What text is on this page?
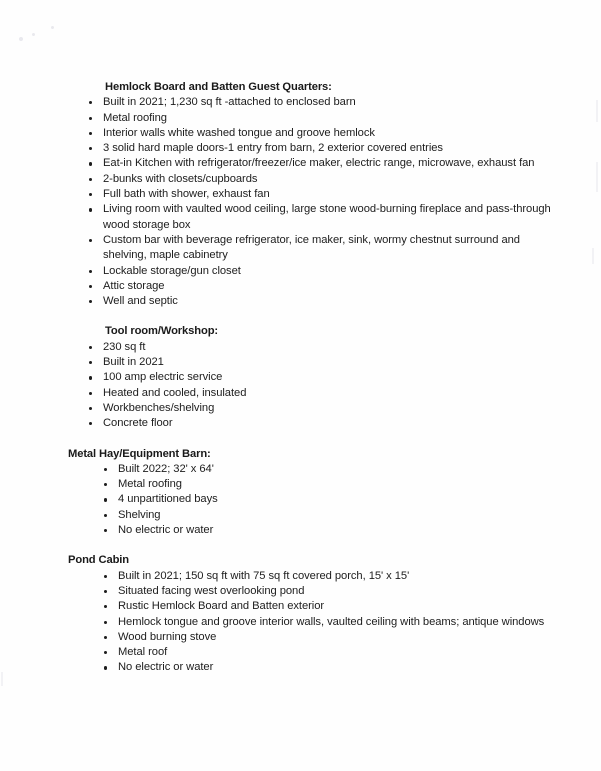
Hemlock Board and Batten Guest Quarters:
Built in 2021; 1,230 sq ft -attached to enclosed barn
Metal roofing
Interior walls white washed tongue and groove hemlock
3 solid hard maple doors-1 entry from barn, 2 exterior covered entries
Eat-in Kitchen with refrigerator/freezer/ice maker, electric range, microwave, exhaust fan
2-bunks with closets/cupboards
Full bath with shower, exhaust fan
Living room with vaulted wood ceiling, large stone wood-burning fireplace and pass-through wood storage box
Custom bar with beverage refrigerator, ice maker, sink, wormy chestnut surround and shelving, maple cabinetry
Lockable storage/gun closet
Attic storage
Well and septic
Tool room/Workshop:
230 sq ft
Built in 2021
100 amp electric service
Heated and cooled, insulated
Workbenches/shelving
Concrete floor
Metal Hay/Equipment Barn:
Built 2022; 32' x 64'
Metal roofing
4 unpartitioned bays
Shelving
No electric or water
Pond Cabin
Built in 2021; 150 sq ft with 75 sq ft covered porch, 15' x 15'
Situated facing west overlooking pond
Rustic Hemlock Board and Batten exterior
Hemlock tongue and groove interior walls, vaulted ceiling with beams; antique windows
Wood burning stove
Metal roof
No electric or water
